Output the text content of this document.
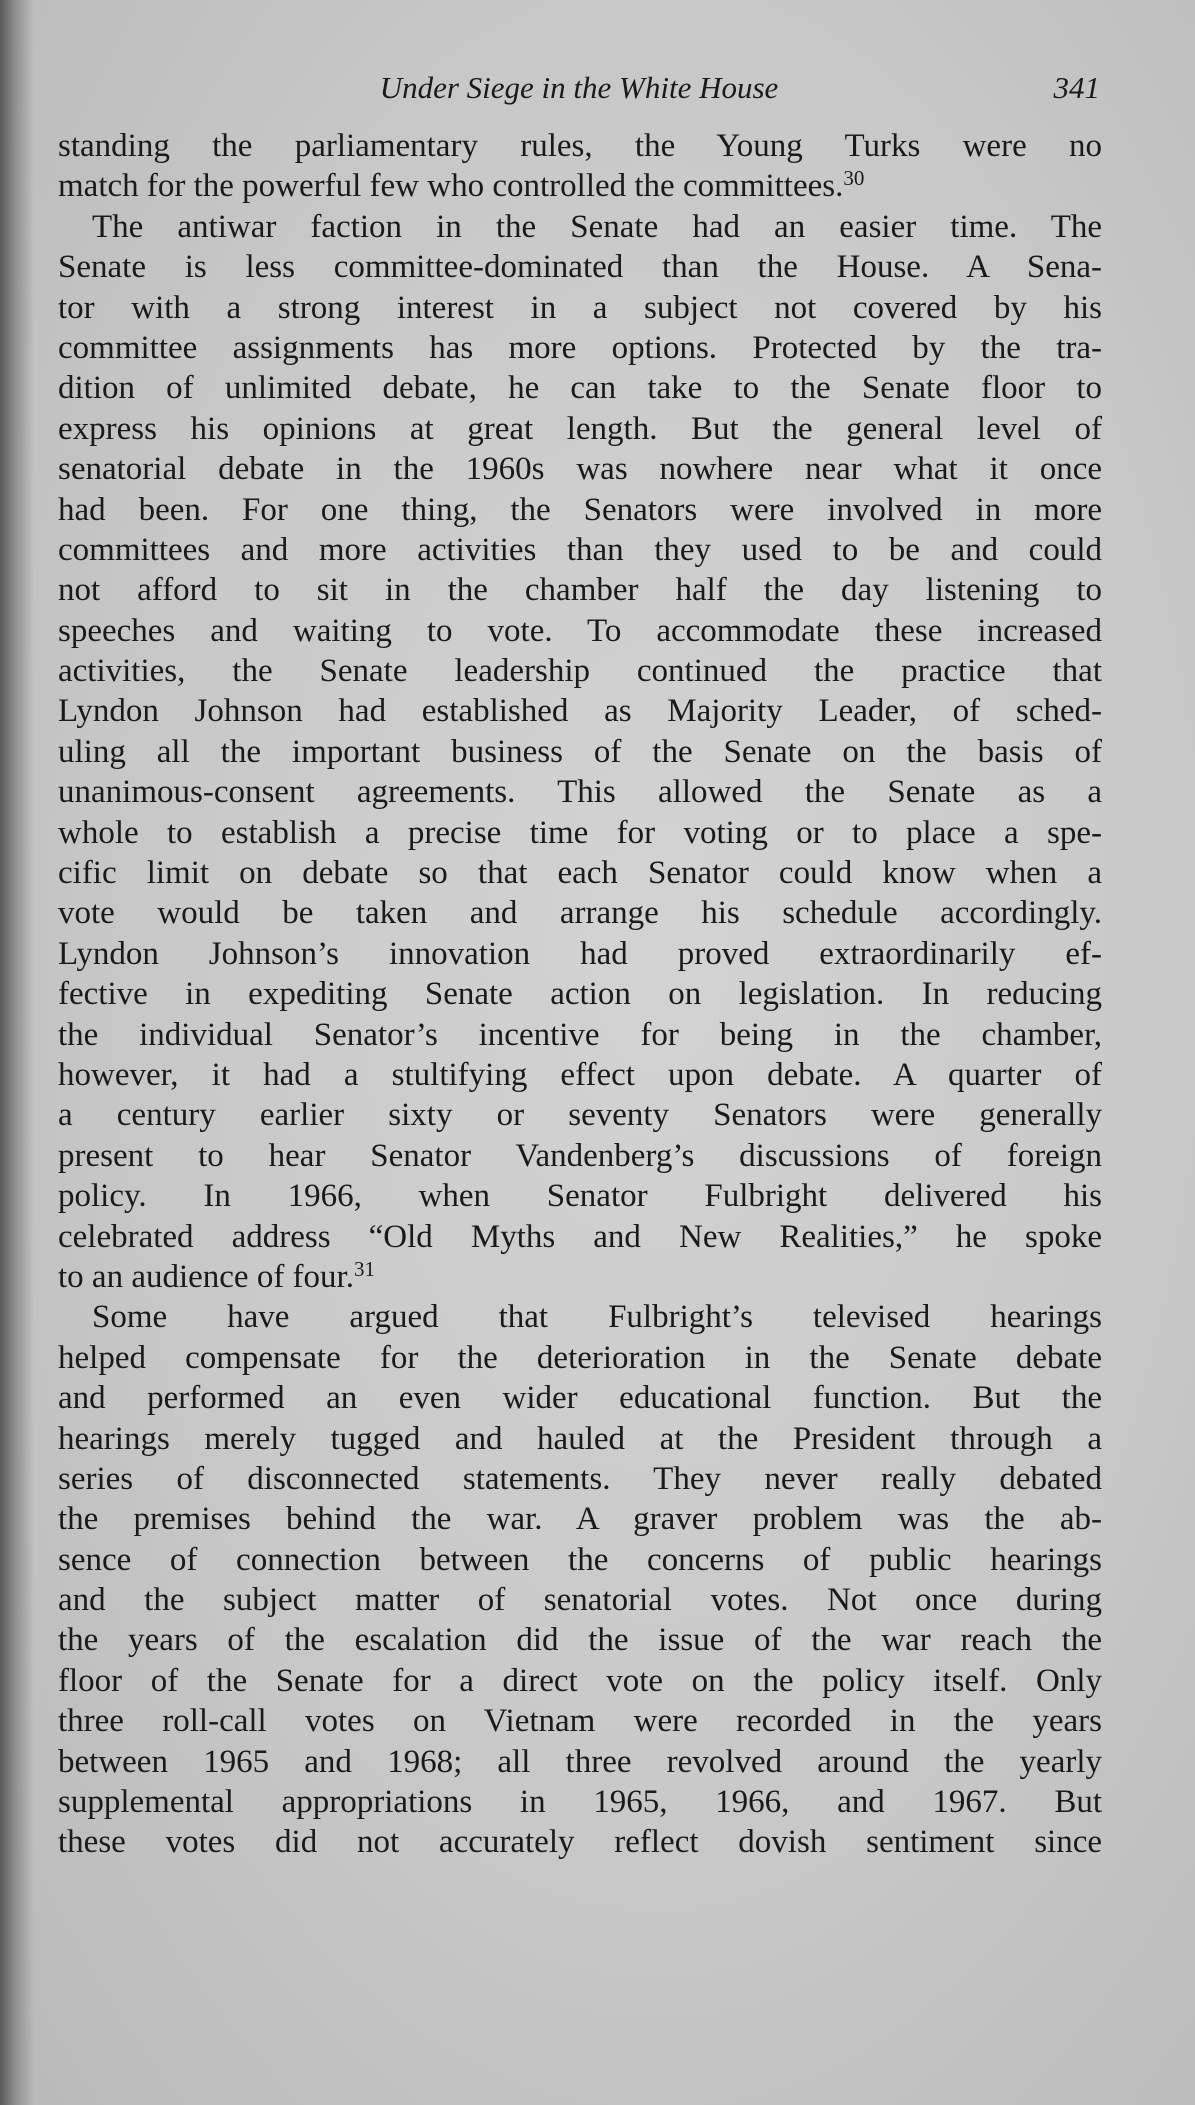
Under Siege in the White House	341
standing the parliamentary rules, the Young Turks were no
match for the powerful few who controlled the committees.$^{30}$
The antiwar faction in the Senate had an easier time. The
Senate is less committee-dominated than the House. A Sena-
tor with a strong interest in a subject not covered by his
committee assignments has more options. Protected by the tra-
dition of unlimited debate, he can take to the Senate floor to
express his opinions at great length. But the general level of
senatorial debate in the 1960s was nowhere near what it once
had been. For one thing, the Senators were involved in more
committees and more activities than they used to be and could
not afford to sit in the chamber half the day listening to
speeches and waiting to vote. To accommodate these increased
activities, the Senate leadership continued the practice that
Lyndon Johnson had established as Majority Leader, of sched-
uling all the important business of the Senate on the basis of
unanimous-consent agreements. This allowed the Senate as a
whole to establish a precise time for voting or to place a spe-
cific limit on debate so that each Senator could know when a
vote would be taken and arrange his schedule accordingly.
Lyndon Johnson’s innovation had proved extraordinarily ef-
fective in expediting Senate action on legislation. In reducing
the individual Senator’s incentive for being in the chamber,
however, it had a stultifying effect upon debate. A quarter of
a century earlier sixty or seventy Senators were generally
present to hear Senator Vandenberg’s discussions of foreign
policy. In 1966, when Senator Fulbright delivered his
celebrated address “Old Myths and New Realities,” he spoke
to an audience of four.$^{31}$
Some have argued that Fulbright’s televised hearings
helped compensate for the deterioration in the Senate debate
and performed an even wider educational function. But the
hearings merely tugged and hauled at the President through a
series of disconnected statements. They never really debated
the premises behind the war. A graver problem was the ab-
sence of connection between the concerns of public hearings
and the subject matter of senatorial votes. Not once during
the years of the escalation did the issue of the war reach the
floor of the Senate for a direct vote on the policy itself. Only
three roll-call votes on Vietnam were recorded in the years
between 1965 and 1968; all three revolved around the yearly
supplemental appropriations in 1965, 1966, and 1967. But
these votes did not accurately reflect dovish sentiment since
